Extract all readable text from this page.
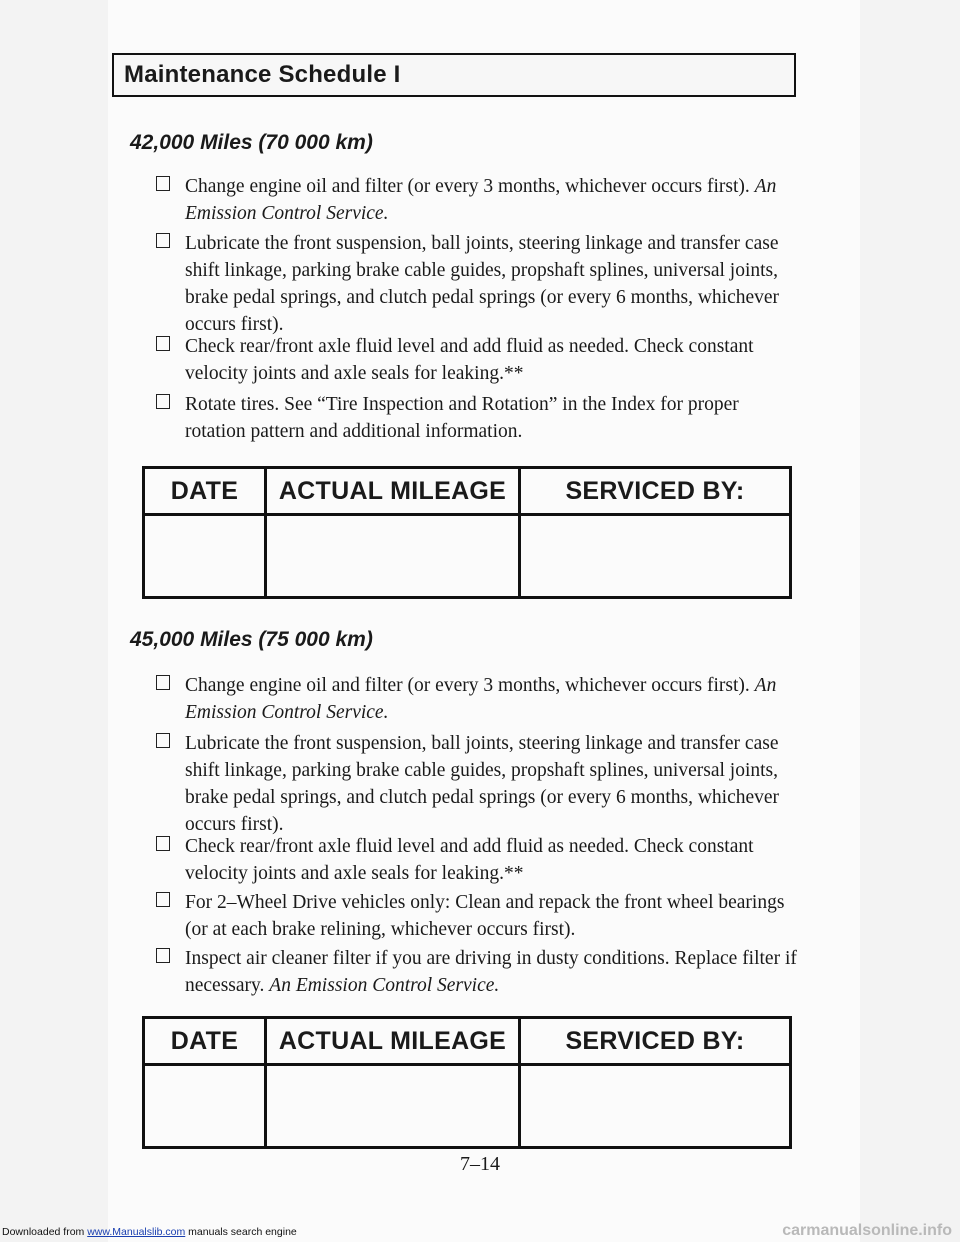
Maintenance Schedule I
42,000 Miles (70 000 km)
Change engine oil and filter (or every 3 months, whichever occurs first). An Emission Control Service.
Lubricate the front suspension, ball joints, steering linkage and transfer case shift linkage, parking brake cable guides, propshaft splines, universal joints, brake pedal springs, and clutch pedal springs (or every 6 months, whichever occurs first).
Check rear/front axle fluid level and add fluid as needed. Check constant velocity joints and axle seals for leaking.**
Rotate tires. See “Tire Inspection and Rotation” in the Index for proper rotation pattern and additional information.
DATE	ACTUAL MILEAGE	SERVICED BY:
45,000 Miles (75 000 km)
Change engine oil and filter (or every 3 months, whichever occurs first). An Emission Control Service.
Lubricate the front suspension, ball joints, steering linkage and transfer case shift linkage, parking brake cable guides, propshaft splines, universal joints, brake pedal springs, and clutch pedal springs (or every 6 months, whichever occurs first).
Check rear/front axle fluid level and add fluid as needed. Check constant velocity joints and axle seals for leaking.**
For 2–Wheel Drive vehicles only: Clean and repack the front wheel bearings (or at each brake relining, whichever occurs first).
Inspect air cleaner filter if you are driving in dusty conditions. Replace filter if necessary. An Emission Control Service.
DATE	ACTUAL MILEAGE	SERVICED BY:
7–14
Downloaded from www.Manualslib.com manuals search engine	carmanualsonline.info
